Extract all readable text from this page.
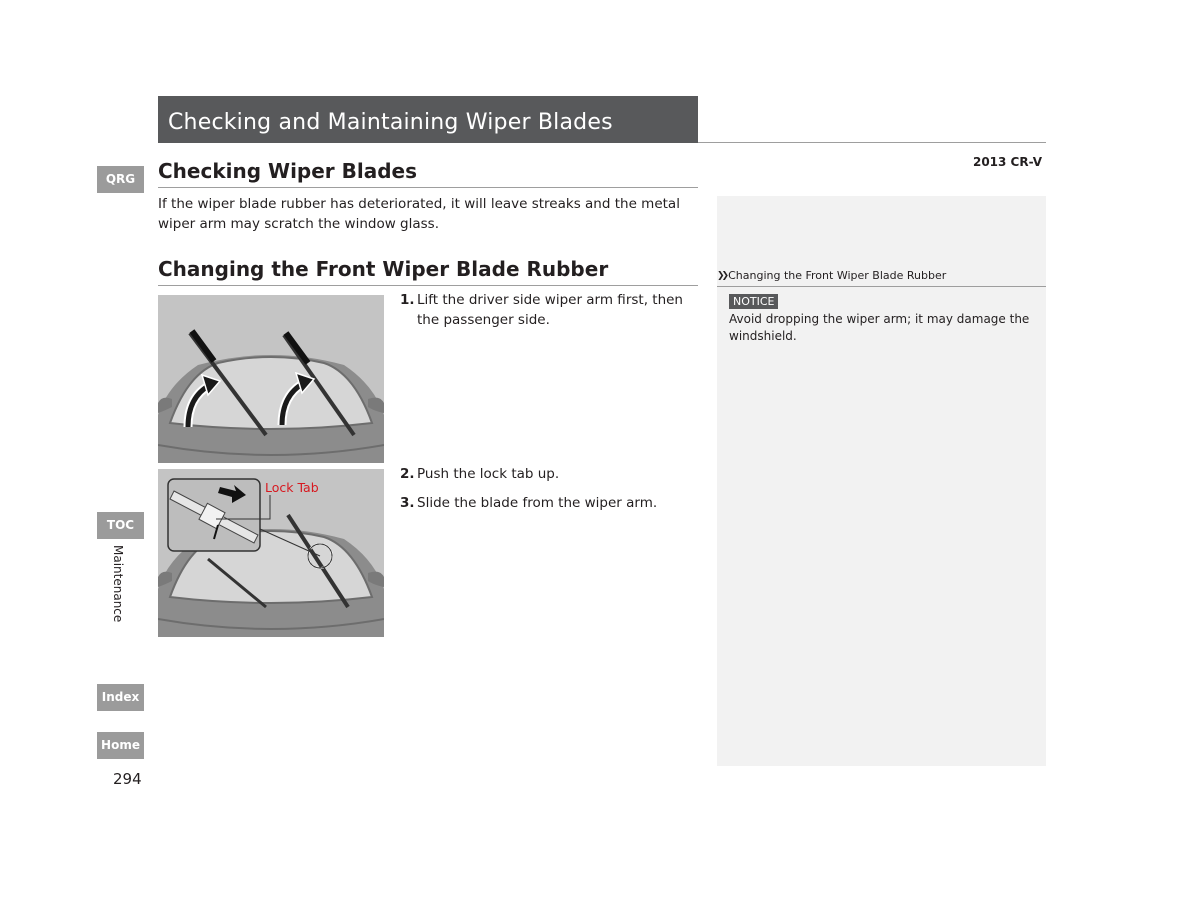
Checking and Maintaining Wiper Blades
2013 CR-V
QRG
TOC
Maintenance
Index
Home
294
Checking Wiper Blades
If the wiper blade rubber has deteriorated, it will leave streaks and the metal wiper arm may scratch the window glass.
Changing the Front Wiper Blade Rubber
Lock Tab
1. Lift the driver side wiper arm first, then the passenger side.
2. Push the lock tab up.
3. Slide the blade from the wiper arm.
❯❯ Changing the Front Wiper Blade Rubber
NOTICE
Avoid dropping the wiper arm; it may damage the windshield.
